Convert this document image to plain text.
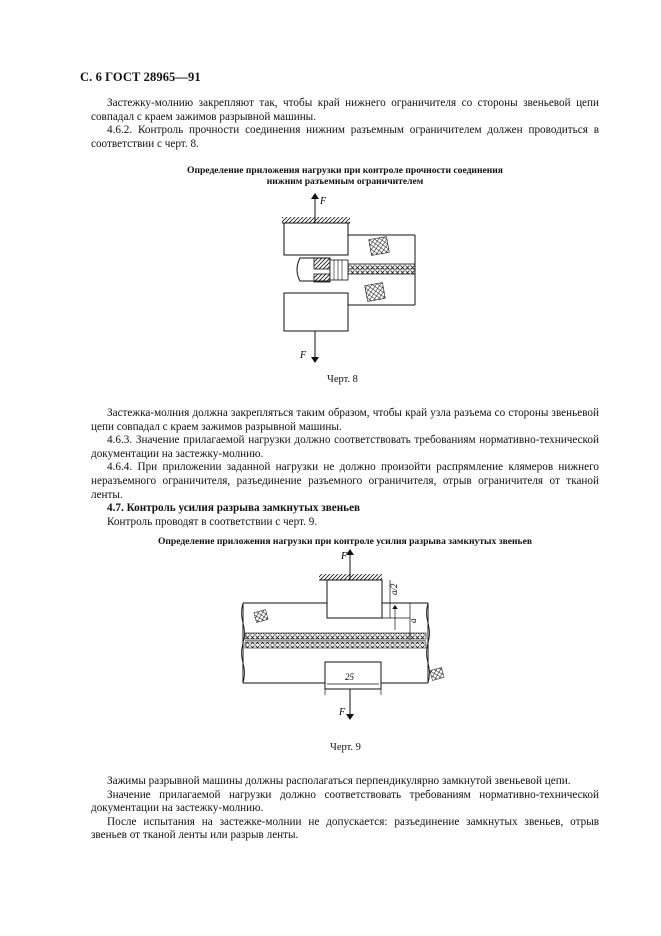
С. 6 ГОСТ 28965—91

Застежку-молнию закрепляют так, чтобы край нижнего ограничителя со стороны звеньевой цепи совпадал с краем зажимов разрывной машины.

4.6.2. Контроль прочности соединения нижним разъемным ограничителем должен проводиться в соответствии с черт. 8.

Определение приложения нагрузки при контроле прочности соединения
нижним разъемным ограничителем
F
F
Черт. 8

Застежка-молния должна закрепляться таким образом, чтобы край узла разъема со стороны звеньевой цепи совпадал с краем зажимов разрывной машины.

4.6.3. Значение прилагаемой нагрузки должно соответствовать требованиям нормативно-технической документации на застежку-молнию.

4.6.4. При приложении заданной нагрузки не должно произойти распрямление клямеров нижнего неразъемного ограничителя, разъединение разъемного ограничителя, отрыв ограничителя от тканой ленты.

4.7. Контроль усилия разрыва замкнутых звеньев

Контроль проводят в соответствии с черт. 9.

Определение приложения нагрузки при контроле усилия разрыва замкнутых звеньев
F
a/2
a
25
F
Черт. 9

Зажимы разрывной машины должны располагаться перпендикулярно замкнутой звеньевой цепи.

Значение прилагаемой нагрузки должно соответствовать требованиям нормативно-технической документации на застежку-молнию.

После испытания на застежке-молнии не допускается: разъединение замкнутых звеньев, отрыв звеньев от тканой ленты или разрыв ленты.
